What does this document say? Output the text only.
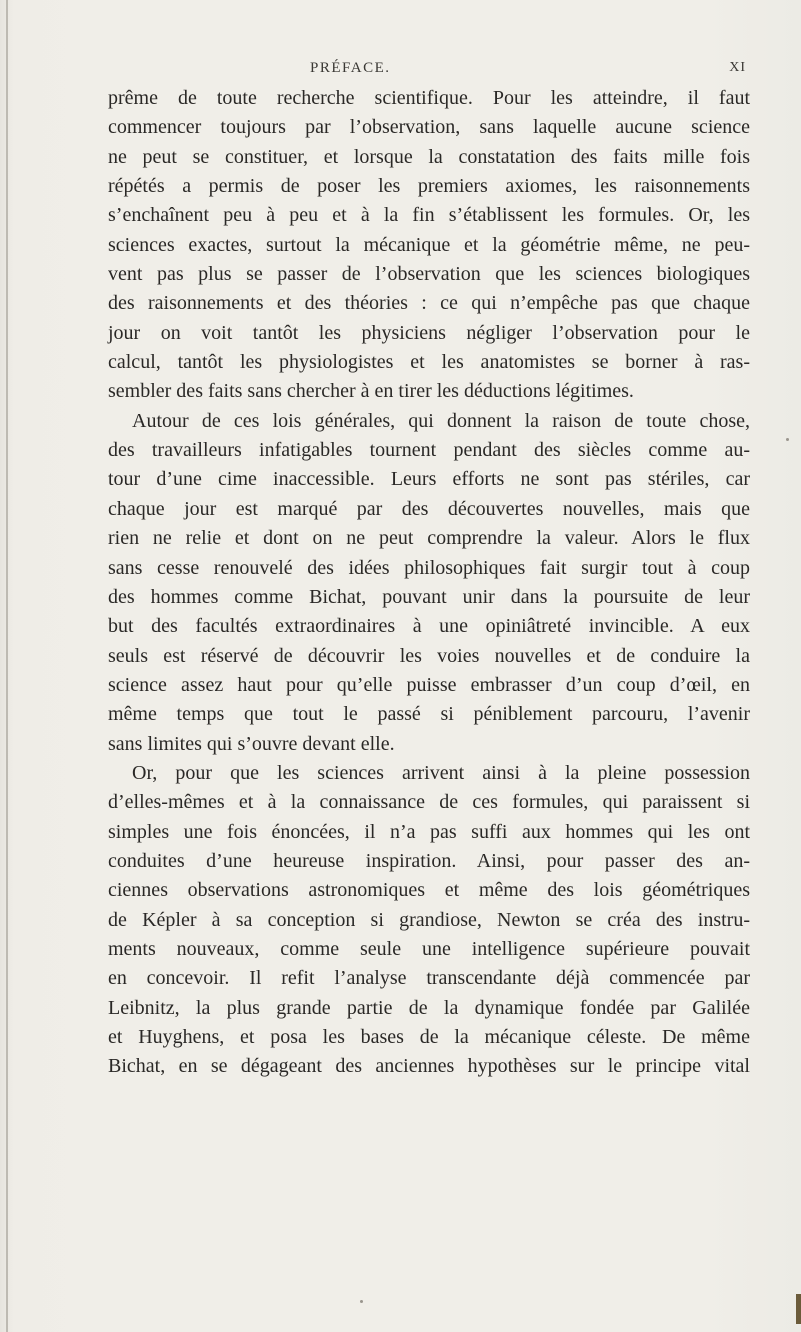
PRÉFACE.	XI
prême de toute recherche scientifique. Pour les atteindre, il faut
commencer toujours par l’observation, sans laquelle aucune science
ne peut se constituer, et lorsque la constatation des faits mille fois
répétés a permis de poser les premiers axiomes, les raisonnements
s’enchaînent peu à peu et à la fin s’établissent les formules. Or, les
sciences exactes, surtout la mécanique et la géométrie même, ne peu-
vent pas plus se passer de l’observation que les sciences biologiques
des raisonnements et des théories : ce qui n’empêche pas que chaque
jour on voit tantôt les physiciens négliger l’observation pour le
calcul, tantôt les physiologistes et les anatomistes se borner à ras-
sembler des faits sans chercher à en tirer les déductions légitimes.
Autour de ces lois générales, qui donnent la raison de toute chose,
des travailleurs infatigables tournent pendant des siècles comme au-
tour d’une cime inaccessible. Leurs efforts ne sont pas stériles, car
chaque jour est marqué par des découvertes nouvelles, mais que
rien ne relie et dont on ne peut comprendre la valeur. Alors le flux
sans cesse renouvelé des idées philosophiques fait surgir tout à coup
des hommes comme Bichat, pouvant unir dans la poursuite de leur
but des facultés extraordinaires à une opiniâtreté invincible. A eux
seuls est réservé de découvrir les voies nouvelles et de conduire la
science assez haut pour qu’elle puisse embrasser d’un coup d’œil, en
même temps que tout le passé si péniblement parcouru, l’avenir
sans limites qui s’ouvre devant elle.
Or, pour que les sciences arrivent ainsi à la pleine possession
d’elles-mêmes et à la connaissance de ces formules, qui paraissent si
simples une fois énoncées, il n’a pas suffi aux hommes qui les ont
conduites d’une heureuse inspiration. Ainsi, pour passer des an-
ciennes observations astronomiques et même des lois géométriques
de Képler à sa conception si grandiose, Newton se créa des instru-
ments nouveaux, comme seule une intelligence supérieure pouvait
en concevoir. Il refit l’analyse transcendante déjà commencée par
Leibnitz, la plus grande partie de la dynamique fondée par Galilée
et Huyghens, et posa les bases de la mécanique céleste. De même
Bichat, en se dégageant des anciennes hypothèses sur le principe vital
